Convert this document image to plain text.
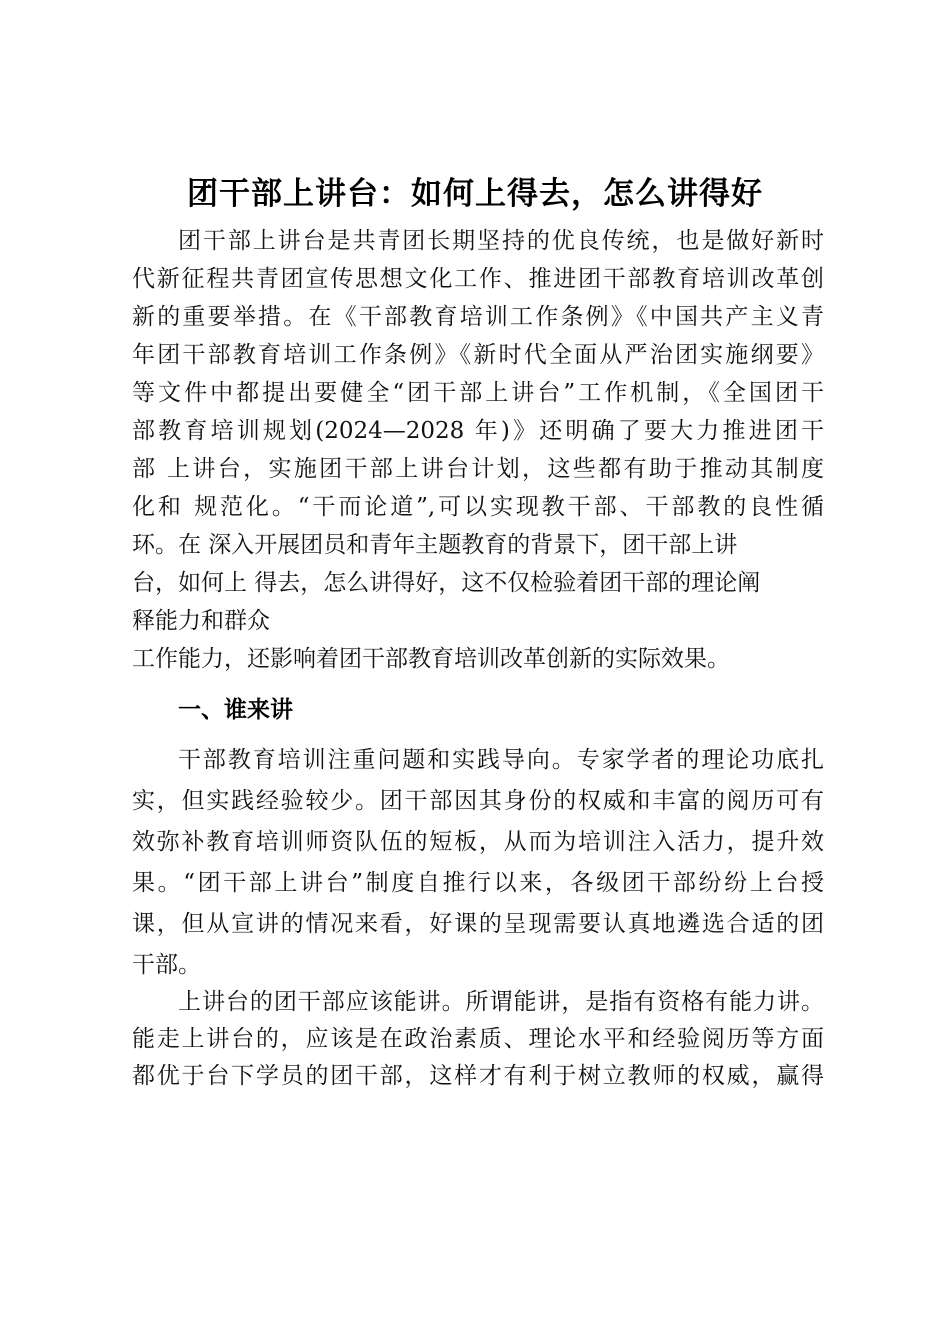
团干部上讲台：如何上得去，怎么讲得好
团干部上讲台是共青团长期坚持的优良传统，也是做好新时
代新征程共青团宣传思想文化工作、推进团干部教育培训改革创
新的重要举措。在《干部教育培训工作条例》《中国共产主义青
年团干部教育培训工作条例》《新时代全面从严治团实施纲要》
等文件中都提出要健全“团干部上讲台”工作机制，《全国团干
部教育培训规划(2024—2028 年)》还明确了要大力推进团干
部 上讲台，实施团干部上讲台计划，这些都有助于推动其制度
化和 规范化。“干而论道”,可以实现教干部、干部教的良性循
环。在 深入开展团员和青年主题教育的背景下，团干部上讲
台，如何上 得去，怎么讲得好，这不仅检验着团干部的理论阐
释能力和群众
工作能力，还影响着团干部教育培训改革创新的实际效果。
一、谁来讲
干部教育培训注重问题和实践导向。专家学者的理论功底扎
实，但实践经验较少。团干部因其身份的权威和丰富的阅历可有
效弥补教育培训师资队伍的短板，从而为培训注入活力，提升效
果。“团干部上讲台”制度自推行以来，各级团干部纷纷上台授
课，但从宣讲的情况来看，好课的呈现需要认真地遴选合适的团
干部。
上讲台的团干部应该能讲。所谓能讲，是指有资格有能力讲。
能走上讲台的，应该是在政治素质、理论水平和经验阅历等方面
都优于台下学员的团干部，这样才有利于树立教师的权威，赢得
